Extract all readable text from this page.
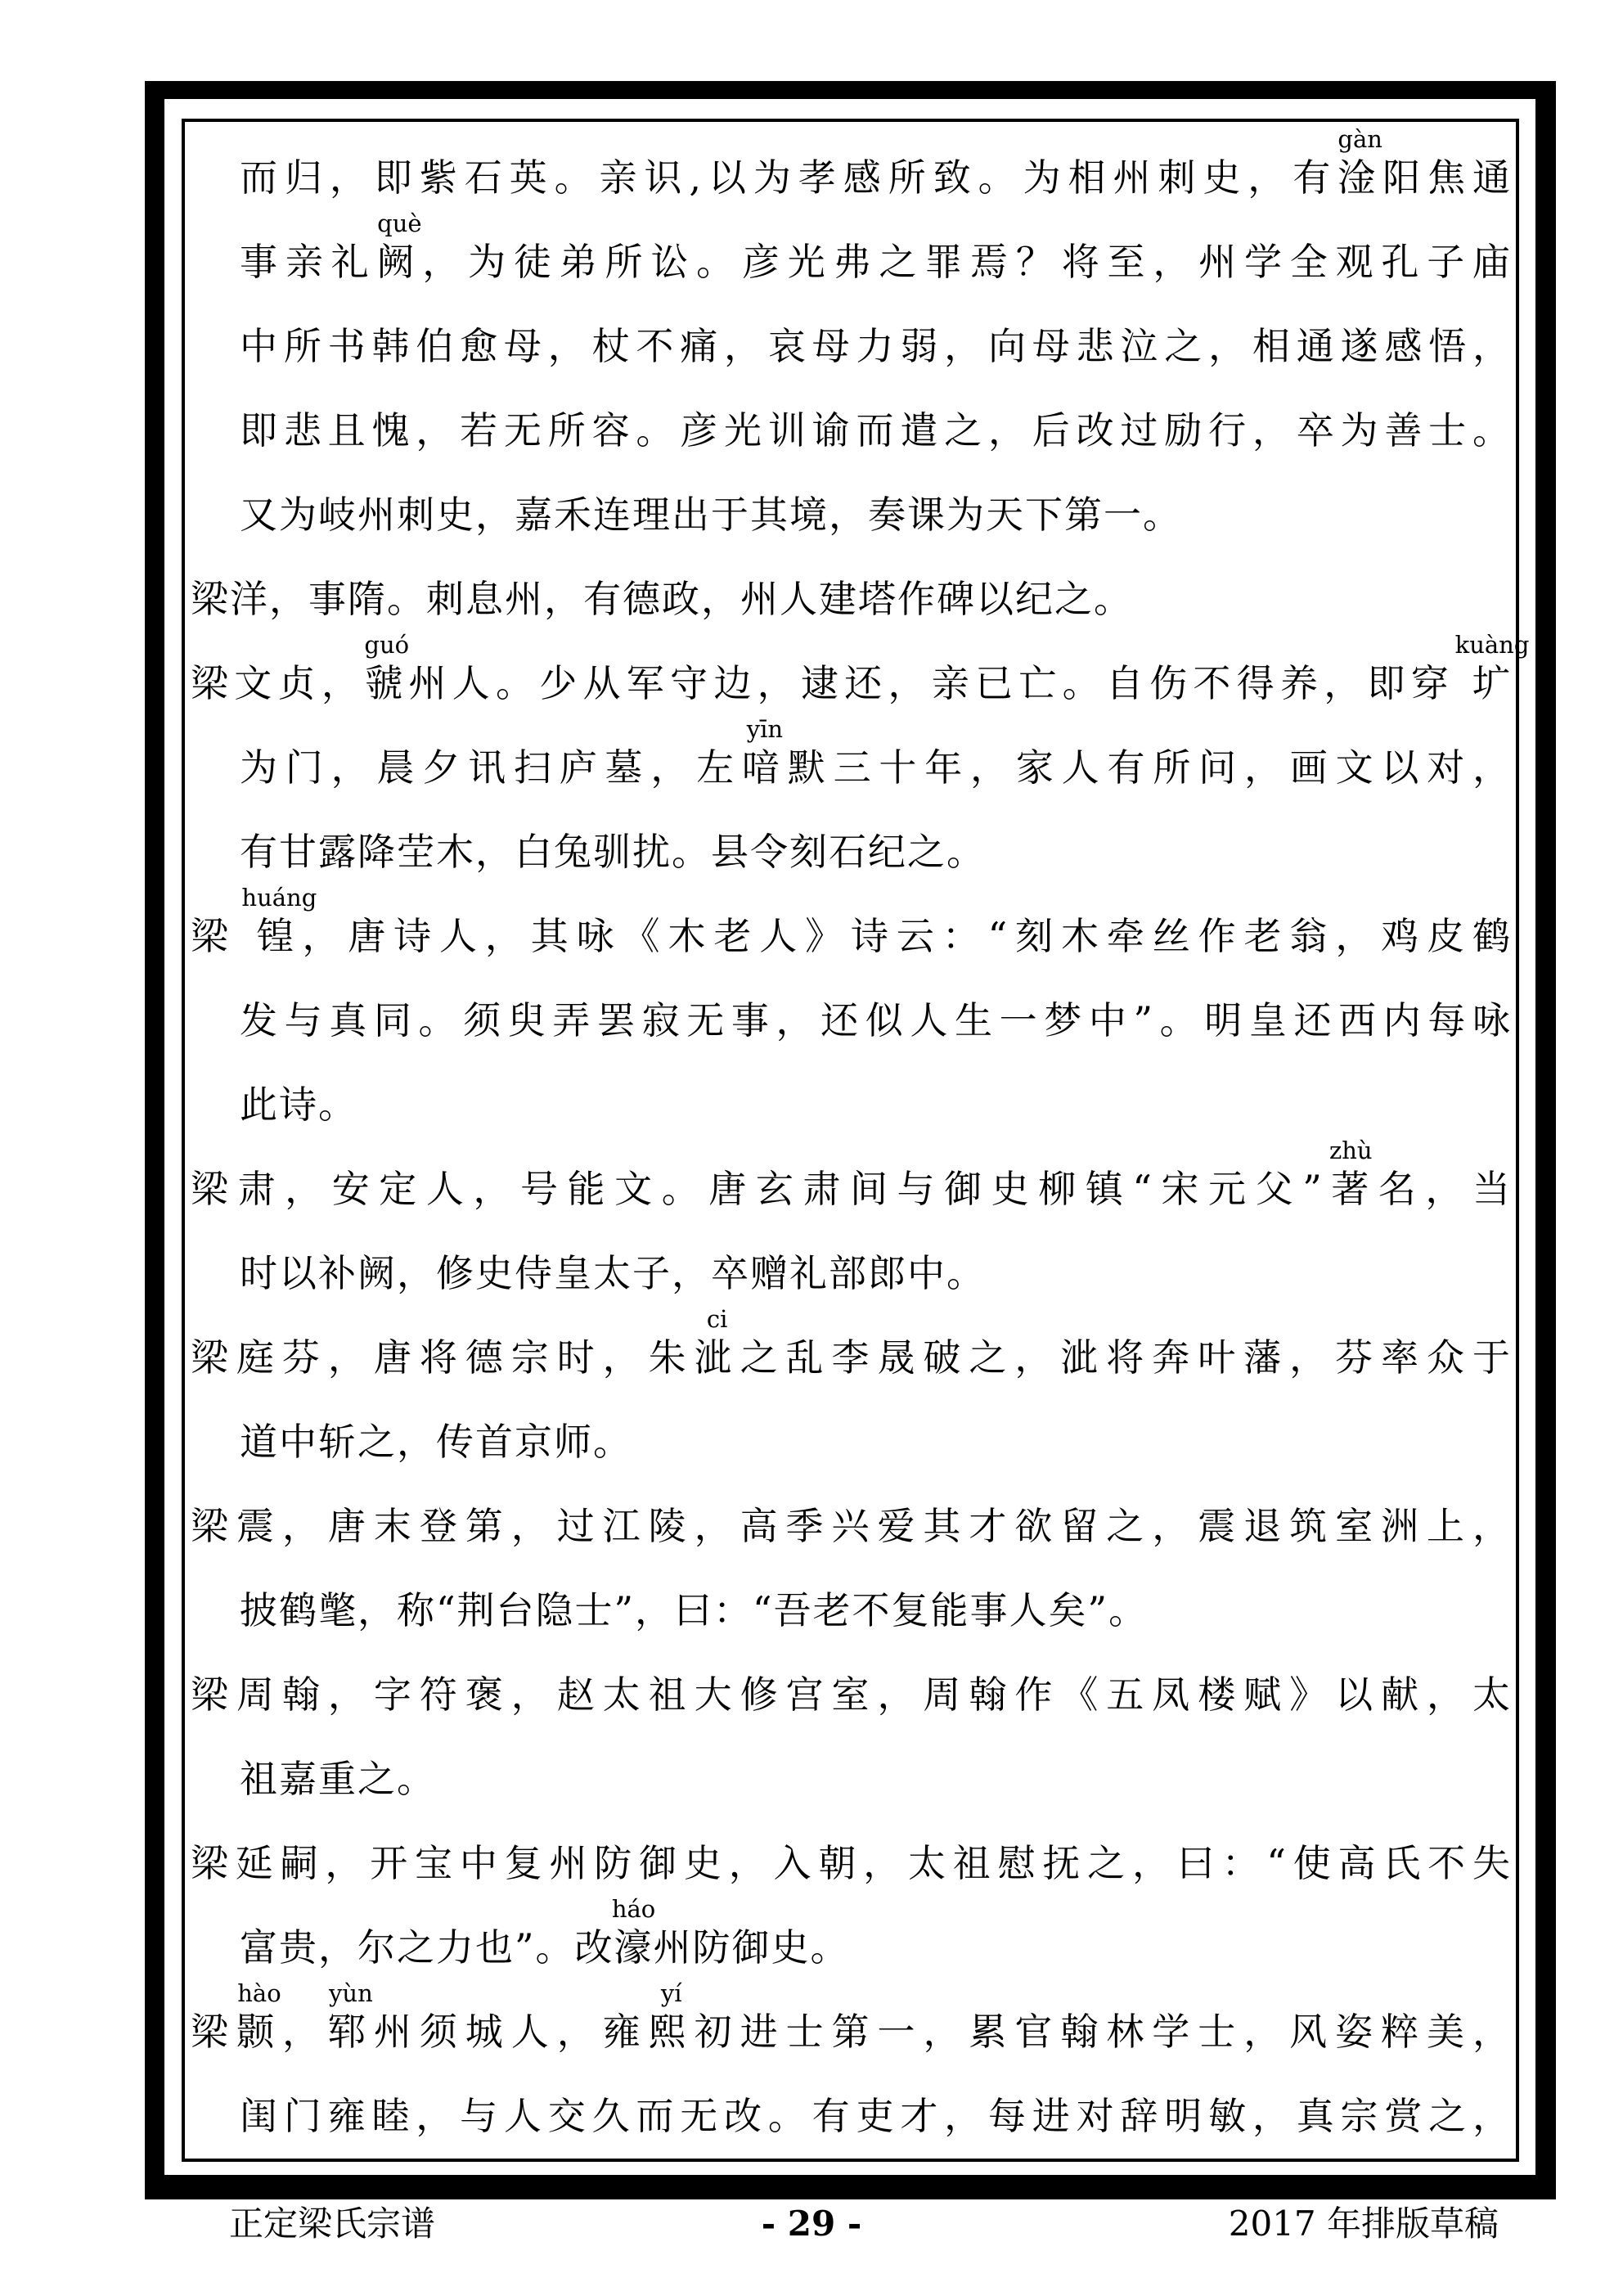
而归，即紫石英。亲识,以为孝感所致。为相州刺史，有
gàn
淦阳焦通
事亲礼
què
阙，为徒弟所讼。彦光弗之罪焉？将至，州学全观孔子庙
中所书韩伯愈母，杖不痛，哀母力弱，向母悲泣之，相通遂感悟，
即悲且愧，若无所容。彦光训谕而遣之，后改过励行，卒为善士。
又为岐州刺史，嘉禾连理出于其境，奏课为天下第一。
梁洋，事隋。刺息州，有德政，州人建塔作碑以纪之。
梁文贞，
guó
虢州人。少从军守边，逮还，亲已亡。自伤不得养，即穿
kuàng
圹
为门，晨夕讯扫庐墓，左
yīn
喑默三十年，家人有所问，画文以对，
有甘露降茔木，白兔驯扰。县令刻石纪之。
梁
huáng
锽，唐诗人，其咏《木老人》诗云：“刻木牵丝作老翁，鸡皮鹤
发与真同。须臾弄罢寂无事，还似人生一梦中”。明皇还西内每咏
此诗。
梁肃，安定人，号能文。唐玄肃间与御史柳镇“宋元父”
zhù
著名，当
时以补阙，修史侍皇太子，卒赠礼部郎中。
梁庭芬，唐将德宗时，朱
ci
泚之乱李晟破之，泚将奔叶藩，芬率众于
道中斩之，传首京师。
梁震，唐末登第，过江陵，高季兴爱其才欲留之，震退筑室洲上，
披鹤氅，称“荆台隐士”，曰：“吾老不复能事人矣”。
梁周翰，字符褒，赵太祖大修宫室，周翰作《五凤楼赋》以献，太
祖嘉重之。
梁延嗣，开宝中复州防御史，入朝，太祖慰抚之，曰：“使高氏不失
富贵，尔之力也”。改
háo
濠州防御史。
梁
hào
颢，
yùn
郓州须城人，雍
yí
熙初进士第一，累官翰林学士，风姿粹美，
闺门雍睦，与人交久而无改。有吏才，每进对辞明敏，真宗赏之，
正定梁氏宗谱	- 29 -	2017 年排版草稿
